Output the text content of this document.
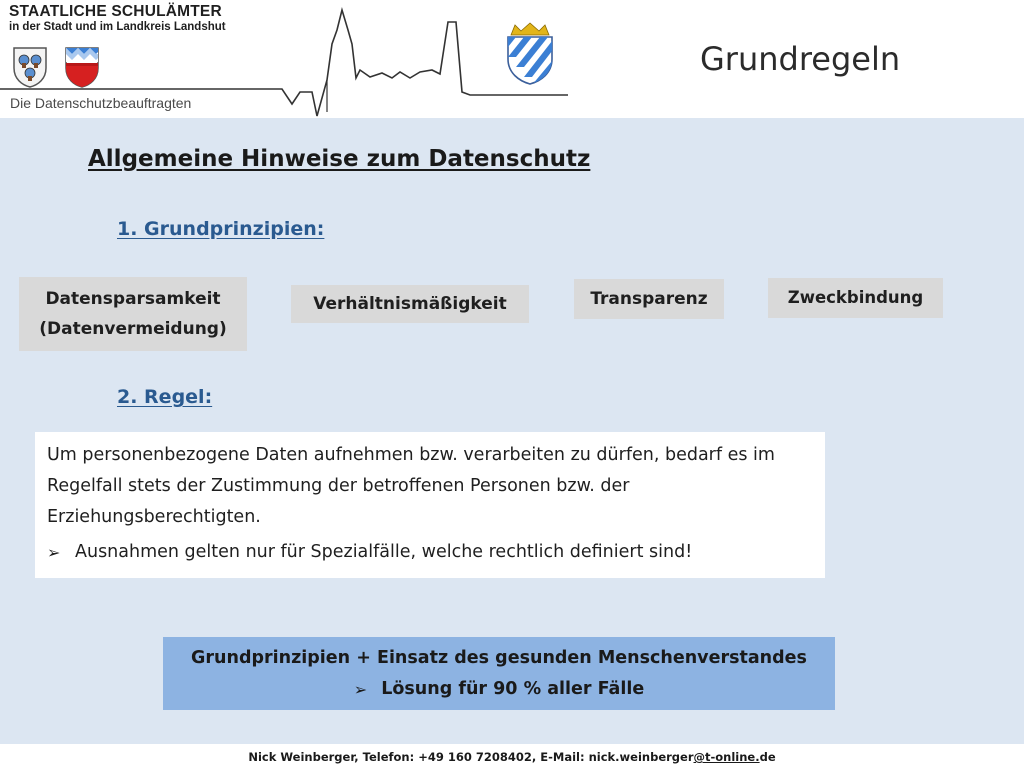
STAATLICHE SCHULÄMTER
in der Stadt und im Landkreis Landshut
Die Datenschutzbeauftragten
Grundregeln
Allgemeine Hinweise zum Datenschutz
1. Grundprinzipien:
Datensparsamkeit
(Datenvermeidung)
Verhältnismäßigkeit	Transparenz	Zweckbindung
2. Regel:
Um personenbezogene Daten aufnehmen bzw. verarbeiten zu dürfen, bedarf es im Regelfall stets der Zustimmung der betroffenen Personen bzw. der Erziehungsberechtigten.
➢ Ausnahmen gelten nur für Spezialfälle, welche rechtlich definiert sind!
Grundprinzipien + Einsatz des gesunden Menschenverstandes
➢ Lösung für 90 % aller Fälle
Nick Weinberger, Telefon: +49 160 7208402, E-Mail: nick.weinberger@t-online.de
